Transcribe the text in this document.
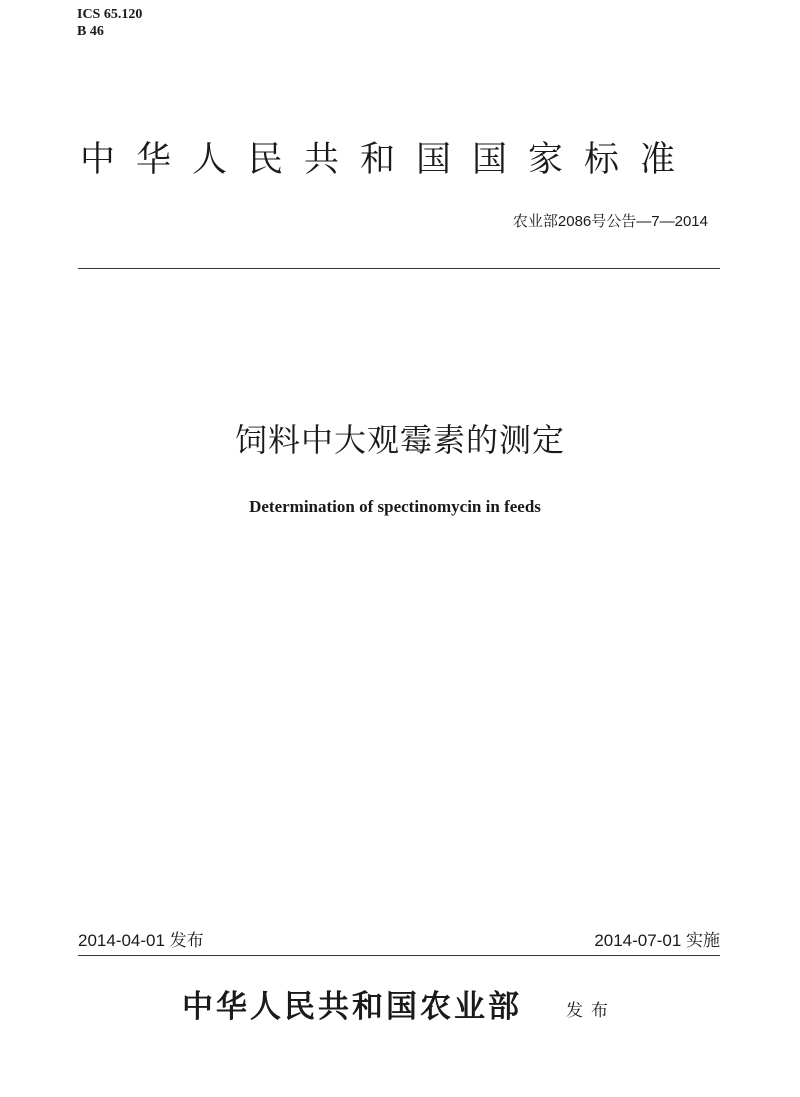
ICS 65.120
B 46
中华人民共和国国家标准
农业部2086号公告—7—2014
饲料中大观霉素的测定
Determination of spectinomycin in feeds
2014-04-01 发布	2014-07-01 实施
中华人民共和国农业部	发布
